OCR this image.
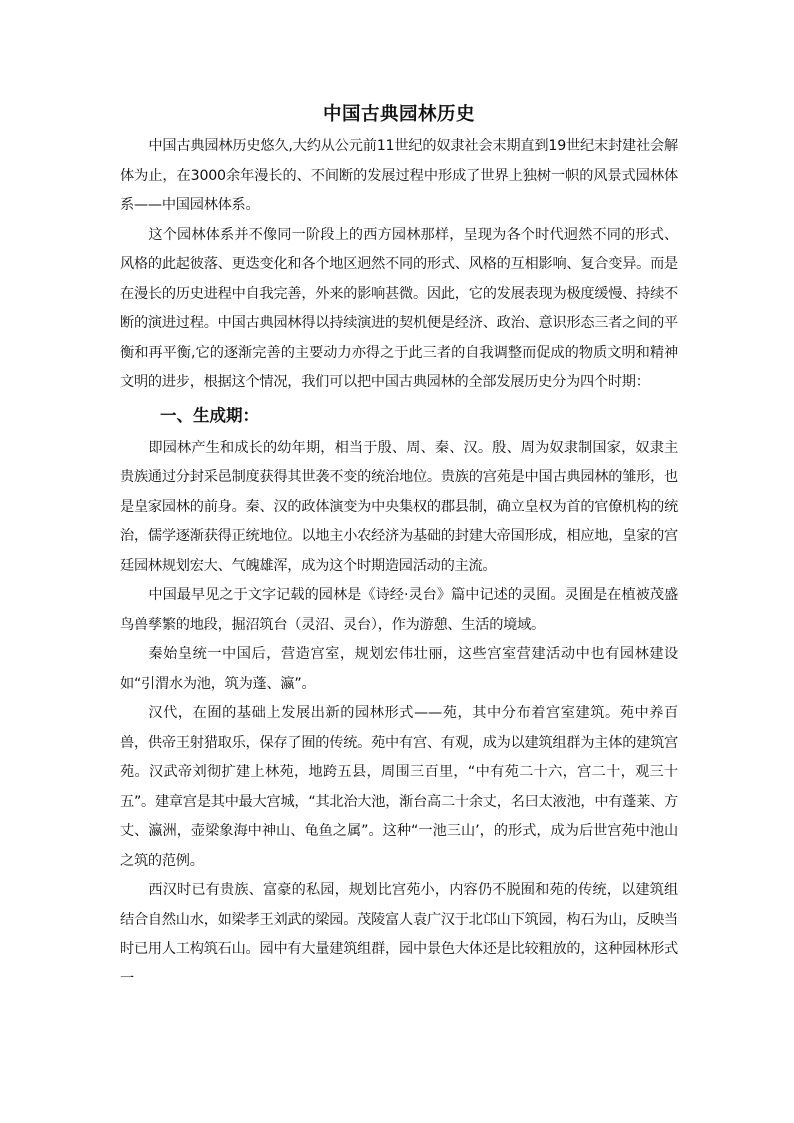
中国古典园林历史

中国古典园林历史悠久,大约从公元前11世纪的奴隶社会末期直到19世纪末封建社会解体为止，在3000余年漫长的、不间断的发展过程中形成了世界上独树一帜的风景式园林体系——中国园林体系。

这个园林体系并不像同一阶段上的西方园林那样，呈现为各个时代迥然不同的形式、风格的此起彼落、更迭变化和各个地区迥然不同的形式、风格的互相影响、复合变异。而是在漫长的历史进程中自我完善，外来的影响甚微。因此，它的发展表现为极度缓慢、持续不断的演进过程。中国古典园林得以持续演进的契机便是经济、政治、意识形态三者之间的平衡和再平衡,它的逐渐完善的主要动力亦得之于此三者的自我调整而促成的物质文明和精神文明的进步，根据这个情况，我们可以把中国古典园林的全部发展历史分为四个时期：

一、生成期：

即园林产生和成长的幼年期，相当于殷、周、秦、汉。殷、周为奴隶制国家，奴隶主贵族通过分封采邑制度获得其世袭不变的统治地位。贵族的宫苑是中国古典园林的雏形，也是皇家园林的前身。秦、汉的政体演变为中央集权的郡县制，确立皇权为首的官僚机构的统治，儒学逐渐获得正统地位。以地主小农经济为基础的封建大帝国形成，相应地，皇家的宫廷园林规划宏大、气魄雄浑，成为这个时期造园活动的主流。

中国最早见之于文字记载的园林是《诗经·灵台》篇中记述的灵囿。灵囿是在植被茂盛鸟兽孳繁的地段，掘沼筑台（灵沼、灵台），作为游憩、生活的境域。

秦始皇统一中国后，营造宫室，规划宏伟壮丽，这些宫室营建活动中也有园林建设如“引渭水为池，筑为蓬、瀛”。

汉代，在囿的基础上发展出新的园林形式——苑，其中分布着宫室建筑。苑中养百兽，供帝王射猎取乐，保存了囿的传统。苑中有宫、有观，成为以建筑组群为主体的建筑宫苑。汉武帝刘彻扩建上林苑，地跨五县，周围三百里，“中有苑二十六，宫二十，观三十五”。建章宫是其中最大宫城，“其北治大池，渐台高二十余丈，名曰太液池，中有蓬莱、方丈、瀛洲，壶梁象海中神山、龟鱼之属”。这种“一池三山’，的形式，成为后世宫苑中池山之筑的范例。

西汉时已有贵族、富豪的私园，规划比宫苑小，内容仍不脱囿和苑的传统，以建筑组结合自然山水，如梁孝王刘武的梁园。茂陵富人袁广汉于北邙山下筑园，构石为山，反映当时已用人工构筑石山。园中有大量建筑组群，园中景色大体还是比较粗放的，这种园林形式一
